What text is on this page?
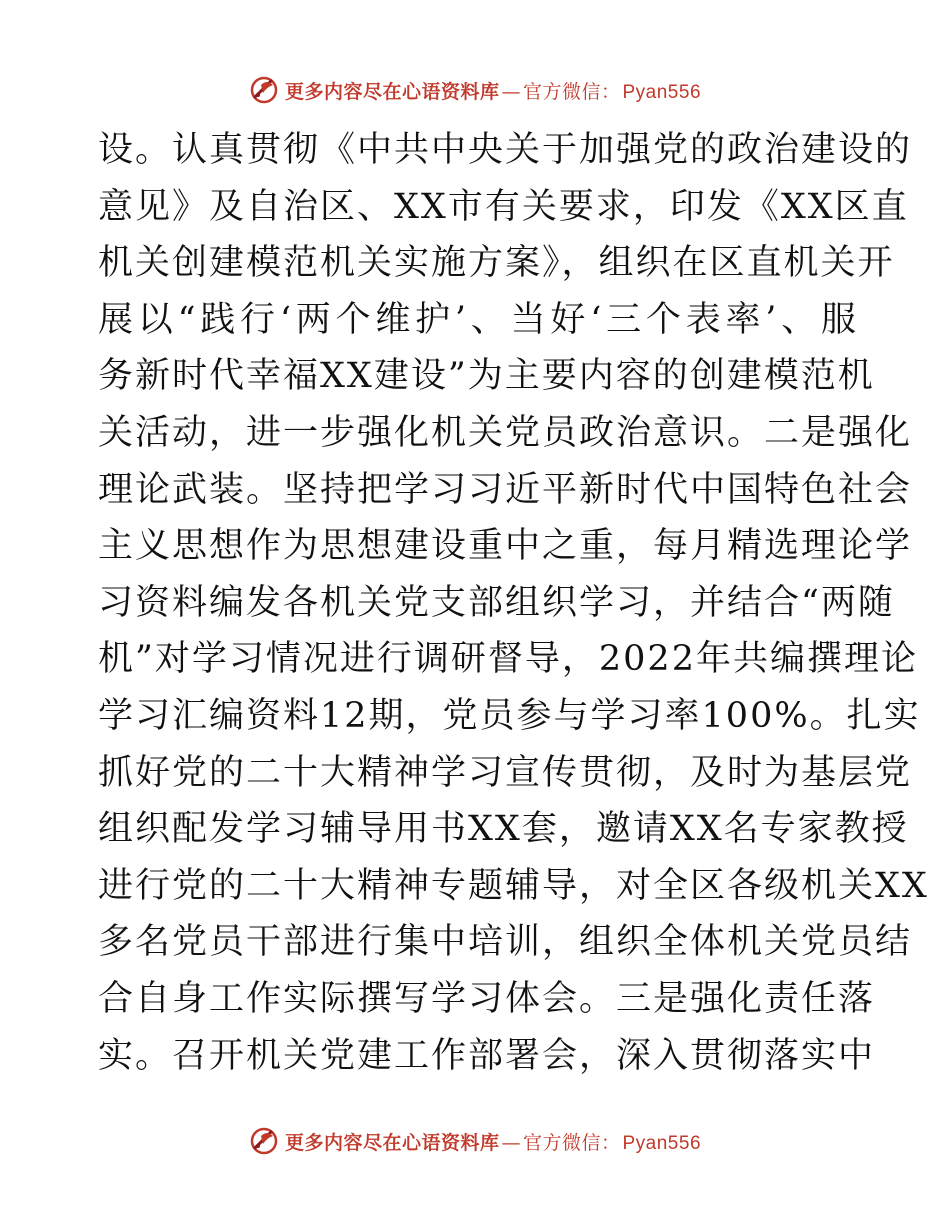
更多内容尽在心语资料库 — 官方微信： Pyan556
设。认真贯彻《中共中央关于加强党的政治建设的
意见》及自治区、XX市有关要求，印发《XX区直
机关创建模范机关实施方案》，组织在区直机关开
展以“践行‘两个维护’、当好‘三个表率’、服
务新时代幸福XX建设”为主要内容的创建模范机
关活动，进一步强化机关党员政治意识。二是强化
理论武装。坚持把学习习近平新时代中国特色社会
主义思想作为思想建设重中之重，每月精选理论学
习资料编发各机关党支部组织学习，并结合“两随
机”对学习情况进行调研督导，2022年共编撰理论
学习汇编资料12期，党员参与学习率100%。扎实
抓好党的二十大精神学习宣传贯彻，及时为基层党
组织配发学习辅导用书XX套，邀请XX名专家教授
进行党的二十大精神专题辅导，对全区各级机关XX
多名党员干部进行集中培训，组织全体机关党员结
合自身工作实际撰写学习体会。三是强化责任落
实。召开机关党建工作部署会，深入贯彻落实中
更多内容尽在心语资料库 — 官方微信： Pyan556
